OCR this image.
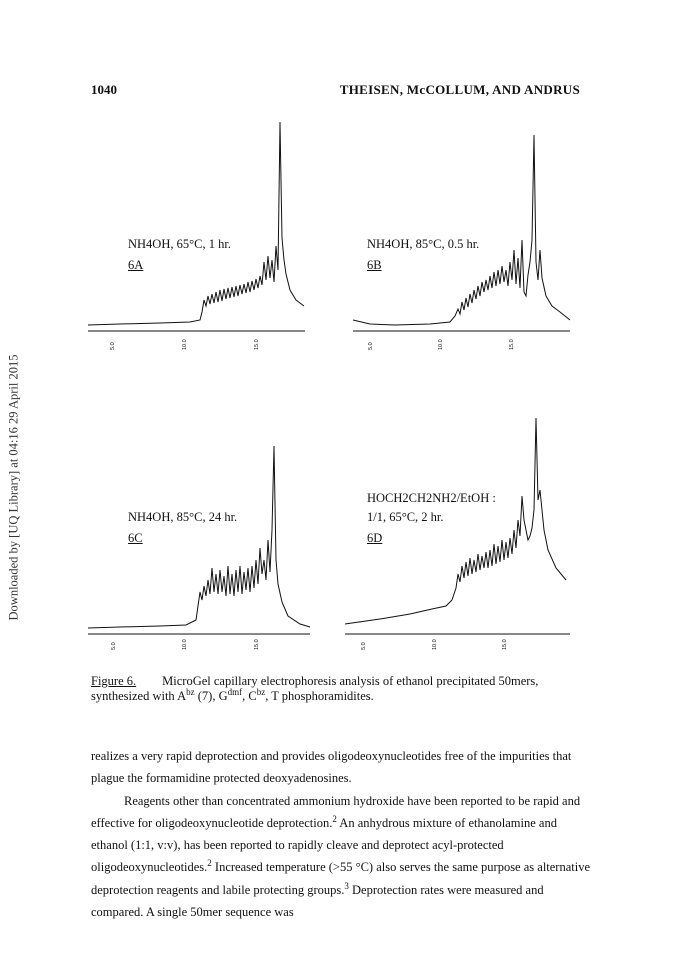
Downloaded by [UQ Library] at 04:16 29 April 2015
1040	THEISEN, McCOLLUM, AND ANDRUS
5.0	10.0	15.0	5.0	10.0	15.0
5.0	10.0	15.0	5.0	10.0	15.0
NH4OH, 65°C, 1 hr.
6A
NH4OH, 85°C, 0.5 hr.
6B
NH4OH, 85°C, 24 hr.
6C
HOCH2CH2NH2/EtOH :
1/1, 65°C, 2 hr.
6D
Figure 6. MicroGel capillary electrophoresis analysis of ethanol precipitated 50mers, synthesized with $A^{bz}$ (7), $G^{dmf}$, $C^{bz}$, T phosphoramidites.

realizes a very rapid deprotection and provides oligodeoxynucleotides free of the impurities that plague the formamidine protected deoxyadenosines.

Reagents other than concentrated ammonium hydroxide have been reported to be rapid and effective for oligodeoxynucleotide deprotection.$^2$ An anhydrous mixture of ethanolamine and ethanol (1:1, v:v), has been reported to rapidly cleave and deprotect acyl-protected oligodeoxynucleotides.$^2$ Increased temperature (>55 °C) also serves the same purpose as alternative deprotection reagents and labile protecting groups.$^3$ Deprotection rates were measured and compared. A single 50mer sequence was
